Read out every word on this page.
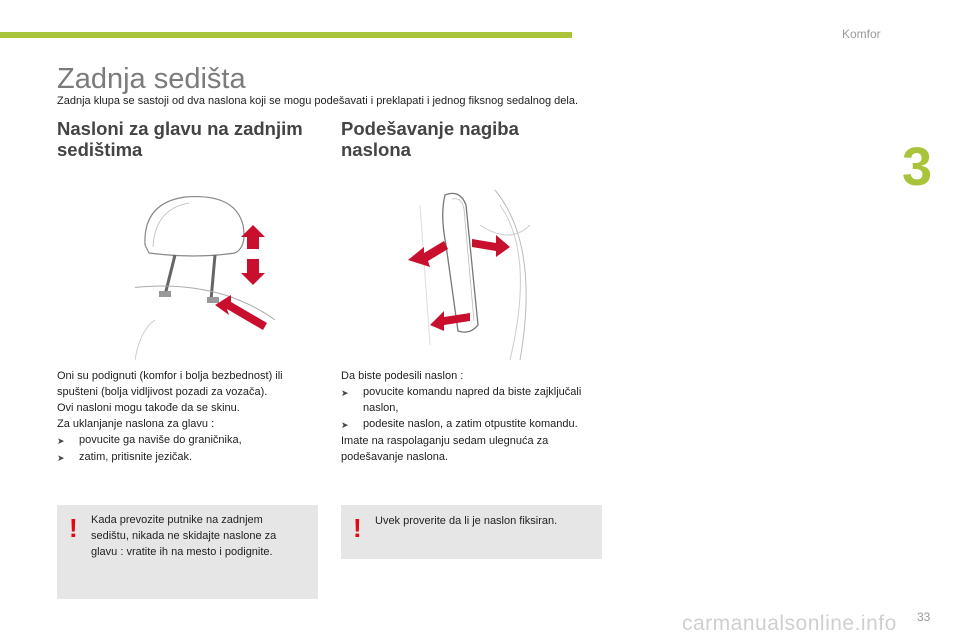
Komfor
3
Zadnja sedišta

Zadnja klupa se sastoji od dva naslona koji se mogu podešavati i preklapati i jednog fiksnog sedalnog dela.

Nasloni za glavu na zadnjim sedištima
Podešavanje nagiba naslona

Oni su podignuti (komfor i bolja bezbednost) ili spušteni (bolja vidljivost pozadi za vozača).

Ovi nasloni mogu takođe da se skinu.

Za uklanjanje naslona za glavu :

➤	povucite ga naviše do graničnika,
➤	zatim, pritisnite jezičak.

Da biste podesili naslon :

➤	povucite komandu napred da biste zajključali naslon,
➤	podesite naslon, a zatim otpustite komandu.

Imate na raspolaganju sedam ulegnuća za podešavanje naslona.

! Kada prevozite putnike na zadnjem sedištu, nikada ne skidajte naslone za glavu : vratite ih na mesto i podignite.

! Uvek proverite da li je naslon fiksiran.

carmanualsonline.info 33
